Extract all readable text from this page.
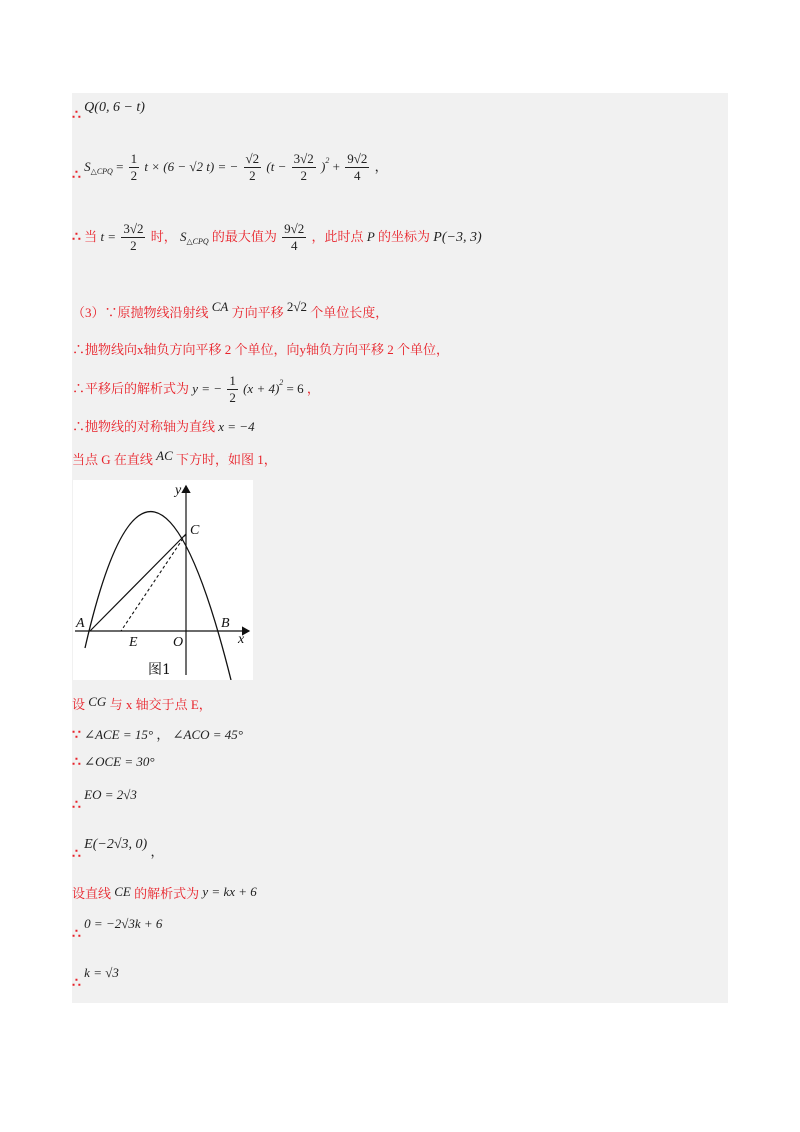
∴ Q(0, 6 − t)
∴ $S_{\triangle CPQ} = \frac{1}{2}$ t × (6 − √2 t) = − $\frac{√2}{2} (t - \frac{3√2}{2} )^2 + \frac{9√2}{4}$ ，
∴ 当 $t = \frac{3√2}{2}$ 时， $S_{\triangle CPQ}$ 的最大值为 $\frac{9√2}{4}$ ，此时点 P 的坐标为 P(−3, 3)
（3）∵原抛物线沿射线 CA 方向平移 2√2 个单位长度，
∴抛物线向x轴负方向平移 2 个单位，向y轴负方向平移 2 个单位，
∴平移后的解析式为 y = − $\frac{1}{2} (x + 4)^2 = 6$ ，
∴抛物线的对称轴为直线 x = −4
当点 G 在直线 AC 下方时，如图 1，
y
x
C
A	B
E	O
图1
设 CG 与 x 轴交于点 E，
∵ ∠ACE = 15° ， ∠ACO = 45°
∴ ∠OCE = 30°
∴ EO = 2√3
∴ E(−2√3, 0) ，
设直线 CE 的解析式为 y = kx + 6
∴ 0 = −2√3k + 6
∴ k = √3
